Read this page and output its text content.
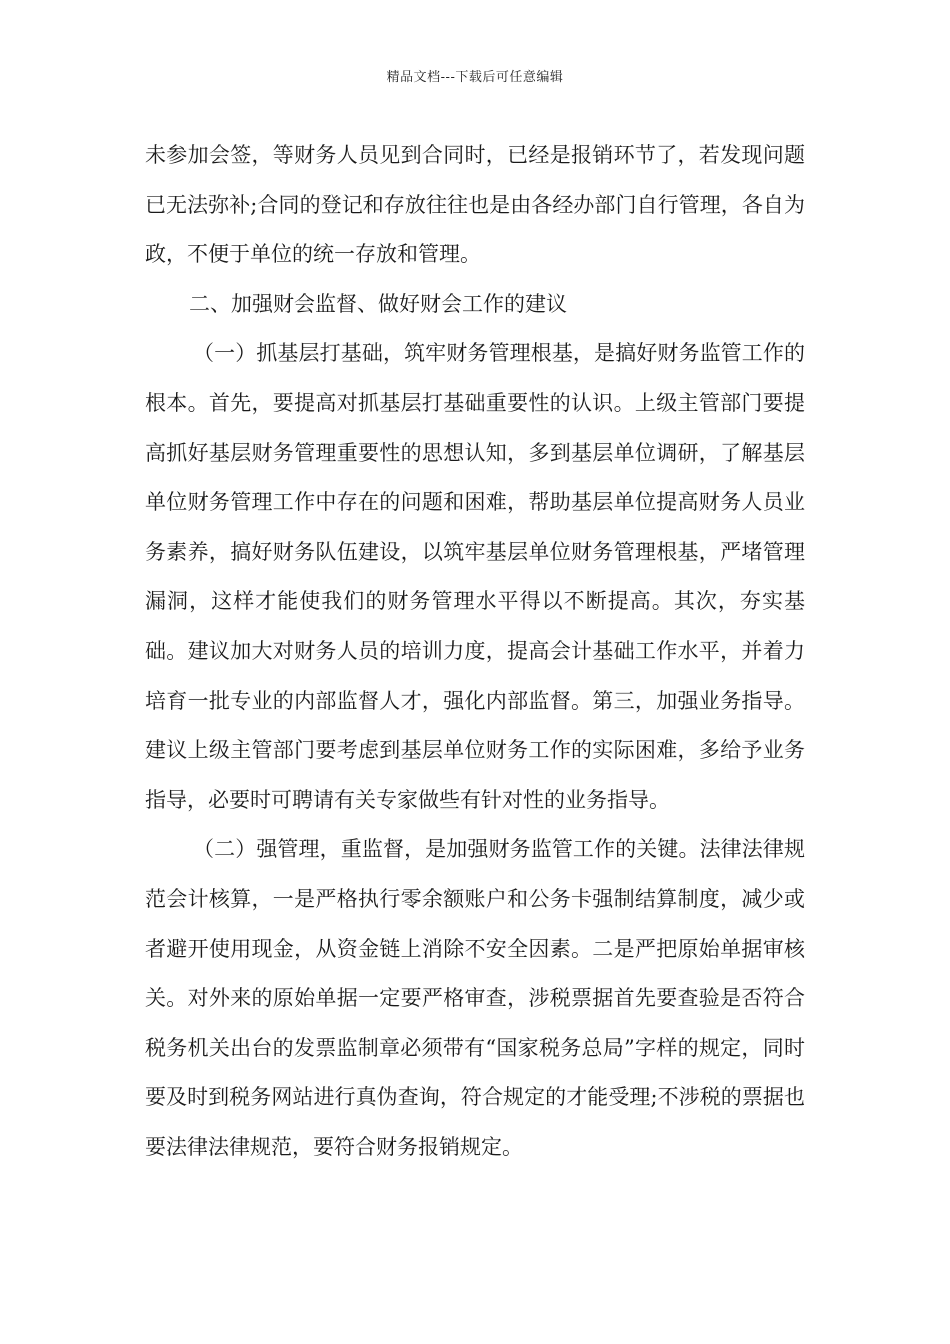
精品文档---下载后可任意编辑

未参加会签，等财务人员见到合同时，已经是报销环节了，若发现问题已无法弥补;合同的登记和存放往往也是由各经办部门自行管理，各自为政，不便于单位的统一存放和管理。

二、加强财会监督、做好财会工作的建议

（一）抓基层打基础，筑牢财务管理根基，是搞好财务监管工作的根本。首先，要提高对抓基层打基础重要性的认识。上级主管部门要提高抓好基层财务管理重要性的思想认知，多到基层单位调研，了解基层单位财务管理工作中存在的问题和困难，帮助基层单位提高财务人员业务素养，搞好财务队伍建设，以筑牢基层单位财务管理根基，严堵管理漏洞，这样才能使我们的财务管理水平得以不断提高。其次，夯实基础。建议加大对财务人员的培训力度，提高会计基础工作水平，并着力培育一批专业的内部监督人才，强化内部监督。第三，加强业务指导。建议上级主管部门要考虑到基层单位财务工作的实际困难，多给予业务指导，必要时可聘请有关专家做些有针对性的业务指导。

（二）强管理，重监督，是加强财务监管工作的关键。法律法律规范会计核算，一是严格执行零余额账户和公务卡强制结算制度，减少或者避开使用现金，从资金链上消除不安全因素。二是严把原始单据审核关。对外来的原始单据一定要严格审查，涉税票据首先要查验是否符合税务机关出台的发票监制章必须带有“国家税务总局”字样的规定，同时要及时到税务网站进行真伪查询，符合规定的才能受理;不涉税的票据也要法律法律规范，要符合财务报销规定。
